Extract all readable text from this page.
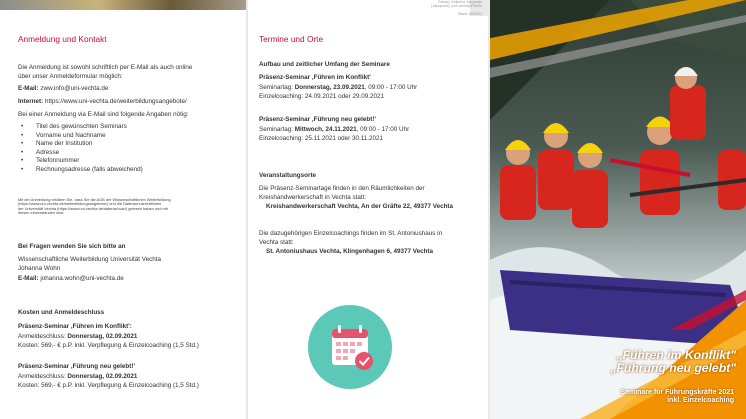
Anmeldung und Kontakt
Die Anmeldung ist sowohl schriftlich per E-Mail als auch online
über unser Anmeldeformular möglich:
E-Mail: zww.info@uni-vechta.de
Internet: https://www.uni-vechta.de/weiterbildungsangebote/
Bei einer Anmeldung via E-Mail sind folgende Angaben nötig:
• Titel des gewünschten Seminars
• Vorname und Nachname
• Name der Institution
• Adresse
• Telefonnummer
• Rechnungsadresse (falls abweichend)
Mit der Anmeldung erklären Sie, dass Sie die AGB der Wissenschaftlichen Weiterbildung
(https://www.uni-vechta.de/weiterbildungsangebote/) und die Datenschutzrichtlinien
der Universität Vechta (https://www.uni-vechta.de/datenschutz/) gelesen haben und mit
diesen einverstanden sind.
Bei Fragen wenden Sie sich bitte an
Wissenschaftliche Weiterbildung Universität Vechta
Johanna Wohn
E-Mail: johanna.wohn@uni-vechta.de
Kosten und Anmeldeschluss
Präsenz-Seminar ‚Führen im Konflikt':
Anmeldeschluss: Donnerstag, 02.09.2021
Kosten: 569,- € p.P. inkl. Verpflegung & Einzelcoaching (1,5 Std.)
Präsenz-Seminar ‚Führung neu gelebt!'
Anmeldeschluss: Donnerstag, 02.09.2021
Kosten: 569,- € p.P. inkl. Verpflegung & Einzelcoaching (1,5 Std.)
Foto(s): Zeljenko Jakupovic
(Jakupovic), (uni-vechta)/Pixelio
Stand: 08/2021
Termine und Orte
Aufbau und zeitlicher Umfang der Seminare
Präsenz-Seminar ‚Führen im Konflikt'
Seminartag: Donnerstag, 23.09.2021, 09:00 - 17:00 Uhr
Einzelcoaching: 24.09.2021 oder 29.09.2021
Präsenz-Seminar ‚Führung neu gelebt!'
Seminartag: Mittwoch, 24.11.2021, 09:00 - 17:00 Uhr
Einzelcoaching: 25.11.2021 oder 30.11.2021
Veranstaltungsorte
Die Präsenz-Seminartage finden in den Räumlichkeiten der
Kreishandwerkerschaft in Vechta statt:
Kreishandwerkerschaft Vechta, An der Gräfte 22, 49377 Vechta
Die dazugehörigen Einzelcoachings finden im St. Antoniushaus in
Vechta statt:
St. Antoniushaus Vechta, Klingenhagen 6, 49377 Vechta
„Führen im Konflikt"
„Führung neu gelebt"
Seminare für Führungskräfte 2021
inkl. Einzelcoaching
